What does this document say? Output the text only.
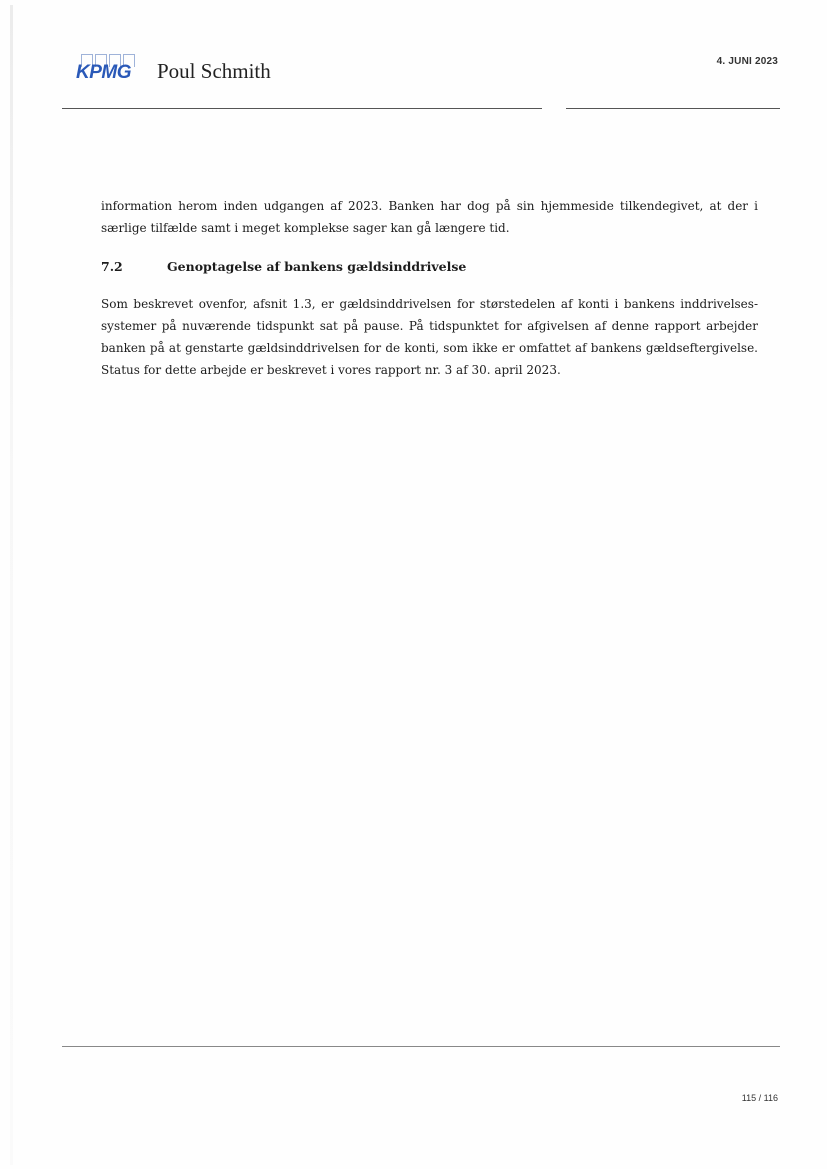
KPMG Poul Schmith	4. JUNI 2023

information herom inden udgangen af 2023. Banken har dog på sin hjemmeside tilkendegivet, at der i særlige tilfælde samt i meget komplekse sager kan gå længere tid.

7.2	Genoptagelse af bankens gældsinddrivelse

Som beskrevet ovenfor, afsnit 1.3, er gældsinddrivelsen for størstedelen af konti i bankens inddrivelses-systemer på nuværende tidspunkt sat på pause. På tidspunktet for afgivelsen af denne rapport arbejder banken på at genstarte gældsinddrivelsen for de konti, som ikke er omfattet af bankens gældseftergivelse. Status for dette arbejde er beskrevet i vores rapport nr. 3 af 30. april 2023.

115 / 116
